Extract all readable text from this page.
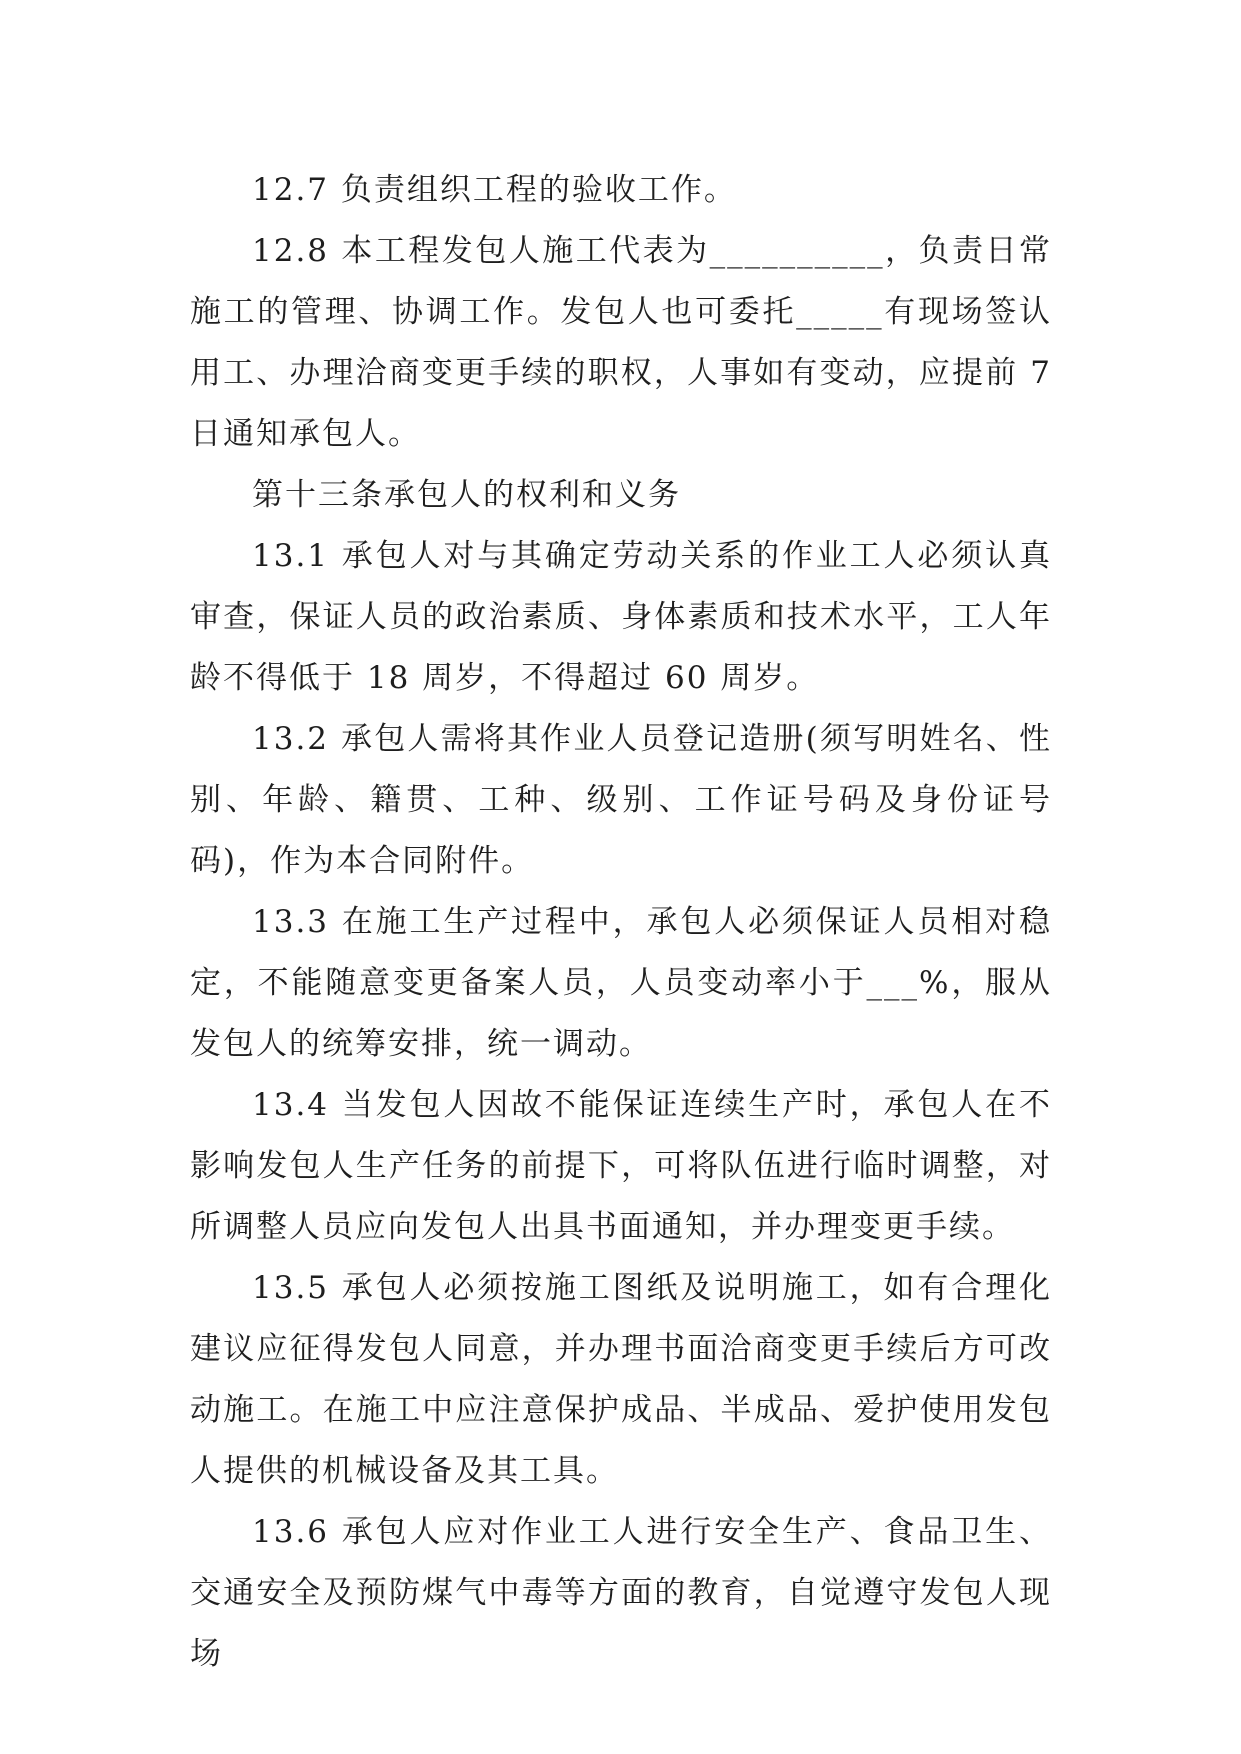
12.7 负责组织工程的验收工作。

12.8 本工程发包人施工代表为__________，负责日常施工的管理、协调工作。发包人也可委托_____有现场签认用工、办理洽商变更手续的职权，人事如有变动，应提前 7 日通知承包人。

第十三条承包人的权利和义务

13.1 承包人对与其确定劳动关系的作业工人必须认真审查，保证人员的政治素质、身体素质和技术水平，工人年龄不得低于 18 周岁，不得超过 60 周岁。

13.2 承包人需将其作业人员登记造册(须写明姓名、性别、年龄、籍贯、工种、级别、工作证号码及身份证号码)，作为本合同附件。

13.3 在施工生产过程中，承包人必须保证人员相对稳定，不能随意变更备案人员，人员变动率小于___%，服从发包人的统筹安排，统一调动。

13.4 当发包人因故不能保证连续生产时，承包人在不影响发包人生产任务的前提下，可将队伍进行临时调整，对所调整人员应向发包人出具书面通知，并办理变更手续。

13.5 承包人必须按施工图纸及说明施工，如有合理化建议应征得发包人同意，并办理书面洽商变更手续后方可改动施工。在施工中应注意保护成品、半成品、爱护使用发包人提供的机械设备及其工具。

13.6 承包人应对作业工人进行安全生产、食品卫生、交通安全及预防煤气中毒等方面的教育，自觉遵守发包人现场
